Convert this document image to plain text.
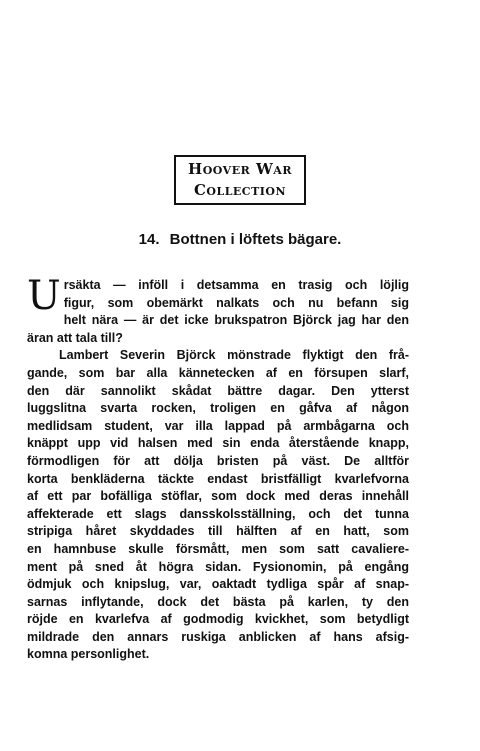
Hoover War
Collection
14. Bottnen i löftets bägare.
U rsäkta — inföll i detsamma en trasig och löjlig
figur, som obemärkt nalkats och nu befann sig
helt nära — är det icke brukspatron Björck jag har den
äran att tala till?
Lambert Severin Björck mönstrade flyktigt den frå-
gande, som bar alla kännetecken af en försupen slarf,
den där sannolikt skådat bättre dagar. Den ytterst
luggslitna svarta rocken, troligen en gåfva af någon
medlidsam student, var illa lappad på armbågarna och
knäppt upp vid halsen med sin enda återstående knapp,
förmodligen för att dölja bristen på väst. De alltför
korta benkläderna täckte endast bristfälligt kvarlefvorna
af ett par bofälliga stöflar, som dock med deras innehåll
affekterade ett slags dansskolsställning, och det tunna
stripiga håret skyddades till hälften af en hatt, som
en hamnbuse skulle försmått, men som satt cavaliere-
ment på sned åt högra sidan. Fysionomin, på engång
ödmjuk och knipslug, var, oaktadt tydliga spår af snap-
sarnas inflytande, dock det bästa på karlen, ty den
röjde en kvarlefva af godmodig kvickhet, som betydligt
mildrade den annars ruskiga anblicken af hans afsig-
komna personlighet.
